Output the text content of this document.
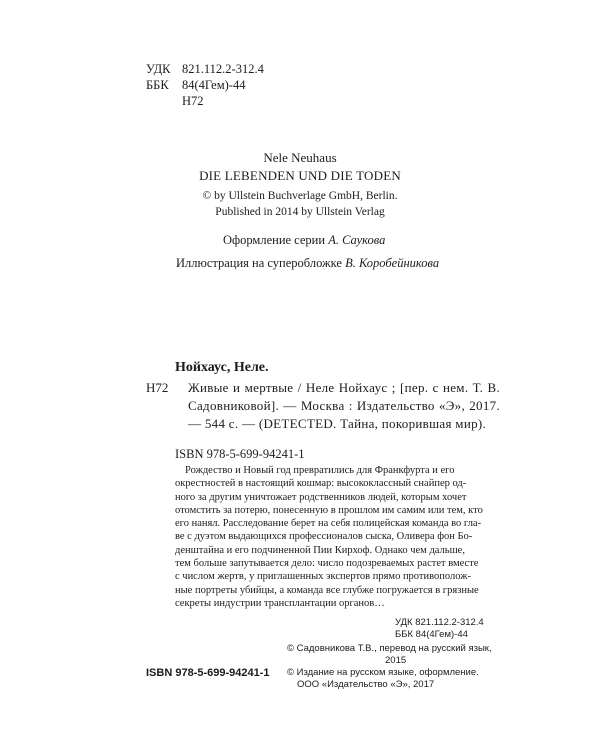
УДК 821.112.2-312.4
ББК	84(4Гем)-44
Н72
Nele Neuhaus
DIE LEBENDEN UND DIE TODEN
© by Ullstein Buchverlage GmbH, Berlin.
Published in 2014 by Ullstein Verlag
Оформление серии А. Саукова
Иллюстрация на суперобложке В. Коробейникова
Нойхаус, Неле.
Н72 Живые и мертвые / Неле Нойхаус ; [пер. с нем. Т. В. Садовниковой]. — Москва : Издательство «Э», 2017. — 544 с. — (DETECTED. Тайна, покорившая мир).
ISBN 978-5-699-94241-1
Рождество и Новый год превратились для Франкфурта и его
окрестностей в настоящий кошмар: высококлассный снайпер од-
ного за другим уничтожает родственников людей, которым хочет
отомстить за потерю, понесенную в прошлом им самим или тем, кто
его нанял. Расследование берет на себя полицейская команда во гла-
ве с дуэтом выдающихся профессионалов сыска, Оливера фон Бо-
денштайна и его подчиненной Пии Кирхоф. Однако чем дальше,
тем больше запутывается дело: число подозреваемых растет вместе
с числом жертв, у приглашенных экспертов прямо противополож-
ные портреты убийцы, а команда все глубже погружается в грязные
секреты индустрии трансплантации органов…
УДК 821.112.2-312.4
ББК 84(4Гем)-44
ISBN 978-5-699-94241-1
© Садовникова Т.В., перевод на русский язык,
2015
© Издание на русском языке, оформление.
ООО «Издательство «Э», 2017
